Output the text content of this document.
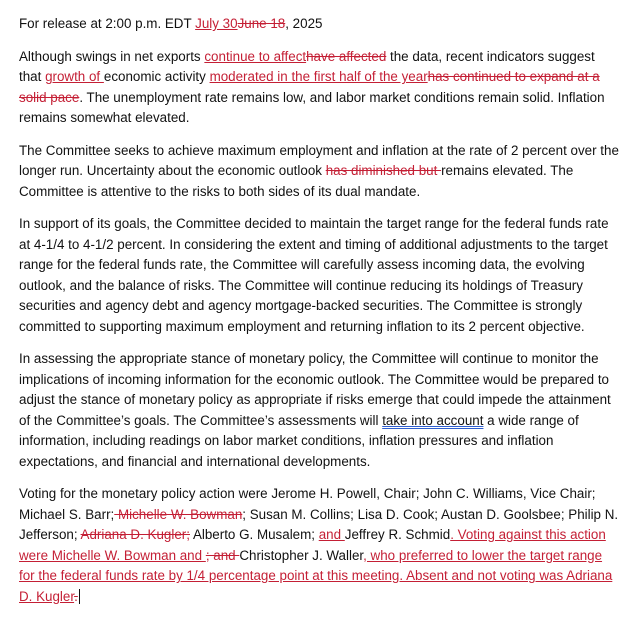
For release at 2:00 p.m. EDT July 30June 18, 2025

Although swings in net exports continue to affecthave affected the data, recent indicators suggest that growth of economic activity moderated in the first half of the yearhas continued to expand at a solid pace. The unemployment rate remains low, and labor market conditions remain solid. Inflation remains somewhat elevated.

The Committee seeks to achieve maximum employment and inflation at the rate of 2 percent over the longer run. Uncertainty about the economic outlook has diminished but remains elevated. The Committee is attentive to the risks to both sides of its dual mandate.

In support of its goals, the Committee decided to maintain the target range for the federal funds rate at 4-1/4 to 4-1/2 percent. In considering the extent and timing of additional adjustments to the target range for the federal funds rate, the Committee will carefully assess incoming data, the evolving outlook, and the balance of risks. The Committee will continue reducing its holdings of Treasury securities and agency debt and agency mortgage-backed securities. The Committee is strongly committed to supporting maximum employment and returning inflation to its 2 percent objective.

In assessing the appropriate stance of monetary policy, the Committee will continue to monitor the implications of incoming information for the economic outlook. The Committee would be prepared to adjust the stance of monetary policy as appropriate if risks emerge that could impede the attainment of the Committee’s goals. The Committee’s assessments will take into account a wide range of information, including readings on labor market conditions, inflation pressures and inflation expectations, and financial and international developments.

Voting for the monetary policy action were Jerome H. Powell, Chair; John C. Williams, Vice Chair; Michael S. Barr; Michelle W. Bowman; Susan M. Collins; Lisa D. Cook; Austan D. Goolsbee; Philip N. Jefferson; Adriana D. Kugler; Alberto G. Musalem; and Jeffrey R. Schmid. Voting against this action were Michelle W. Bowman and ; and Christopher J. Waller, who preferred to lower the target range for the federal funds rate by 1/4 percentage point at this meeting. Absent and not voting was Adriana D. Kugler.
